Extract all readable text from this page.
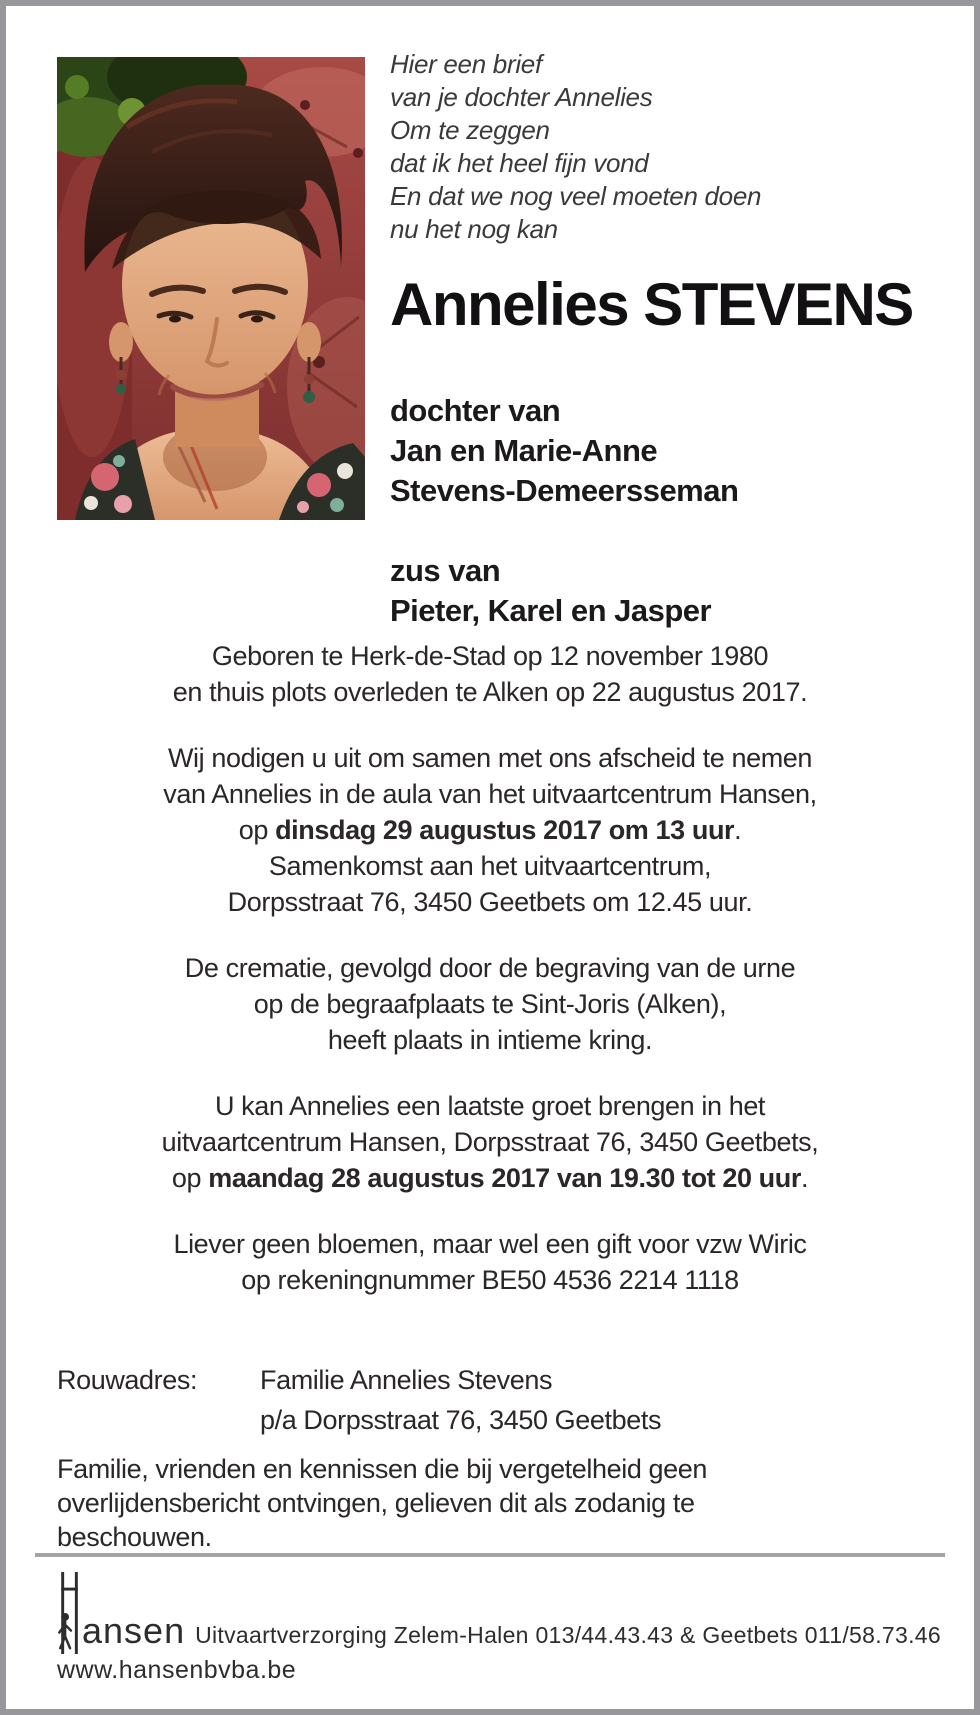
Hier een brief
van je dochter Annelies
Om te zeggen
dat ik het heel fijn vond
En dat we nog veel moeten doen
nu het nog kan
Annelies STEVENS
dochter van
Jan en Marie-Anne
Stevens-Demeersseman
zus van
Pieter, Karel en Jasper

Geboren te Herk-de-Stad op 12 november 1980
en thuis plots overleden te Alken op 22 augustus 2017.

Wij nodigen u uit om samen met ons afscheid te nemen
van Annelies in de aula van het uitvaartcentrum Hansen,
op dinsdag 29 augustus 2017 om 13 uur.
Samenkomst aan het uitvaartcentrum,
Dorpsstraat 76, 3450 Geetbets om 12.45 uur.

De crematie, gevolgd door de begraving van de urne
op de begraafplaats te Sint-Joris (Alken),
heeft plaats in intieme kring.

U kan Annelies een laatste groet brengen in het
uitvaartcentrum Hansen, Dorpsstraat 76, 3450 Geetbets,
op maandag 28 augustus 2017 van 19.30 tot 20 uur.

Liever geen bloemen, maar wel een gift voor vzw Wiric
op rekeningnummer BE50 4536 2214 1118

Rouwadres:	Familie Annelies Stevens
p/a Dorpsstraat 76, 3450 Geetbets
Familie, vrienden en kennissen die bij vergetelheid geen
overlijdensbericht ontvingen, gelieven dit als zodanig te
beschouwen.
ansen Uitvaartverzorging Zelem-Halen 013/44.43.43 & Geetbets 011/58.73.46
www.hansenbvba.be
